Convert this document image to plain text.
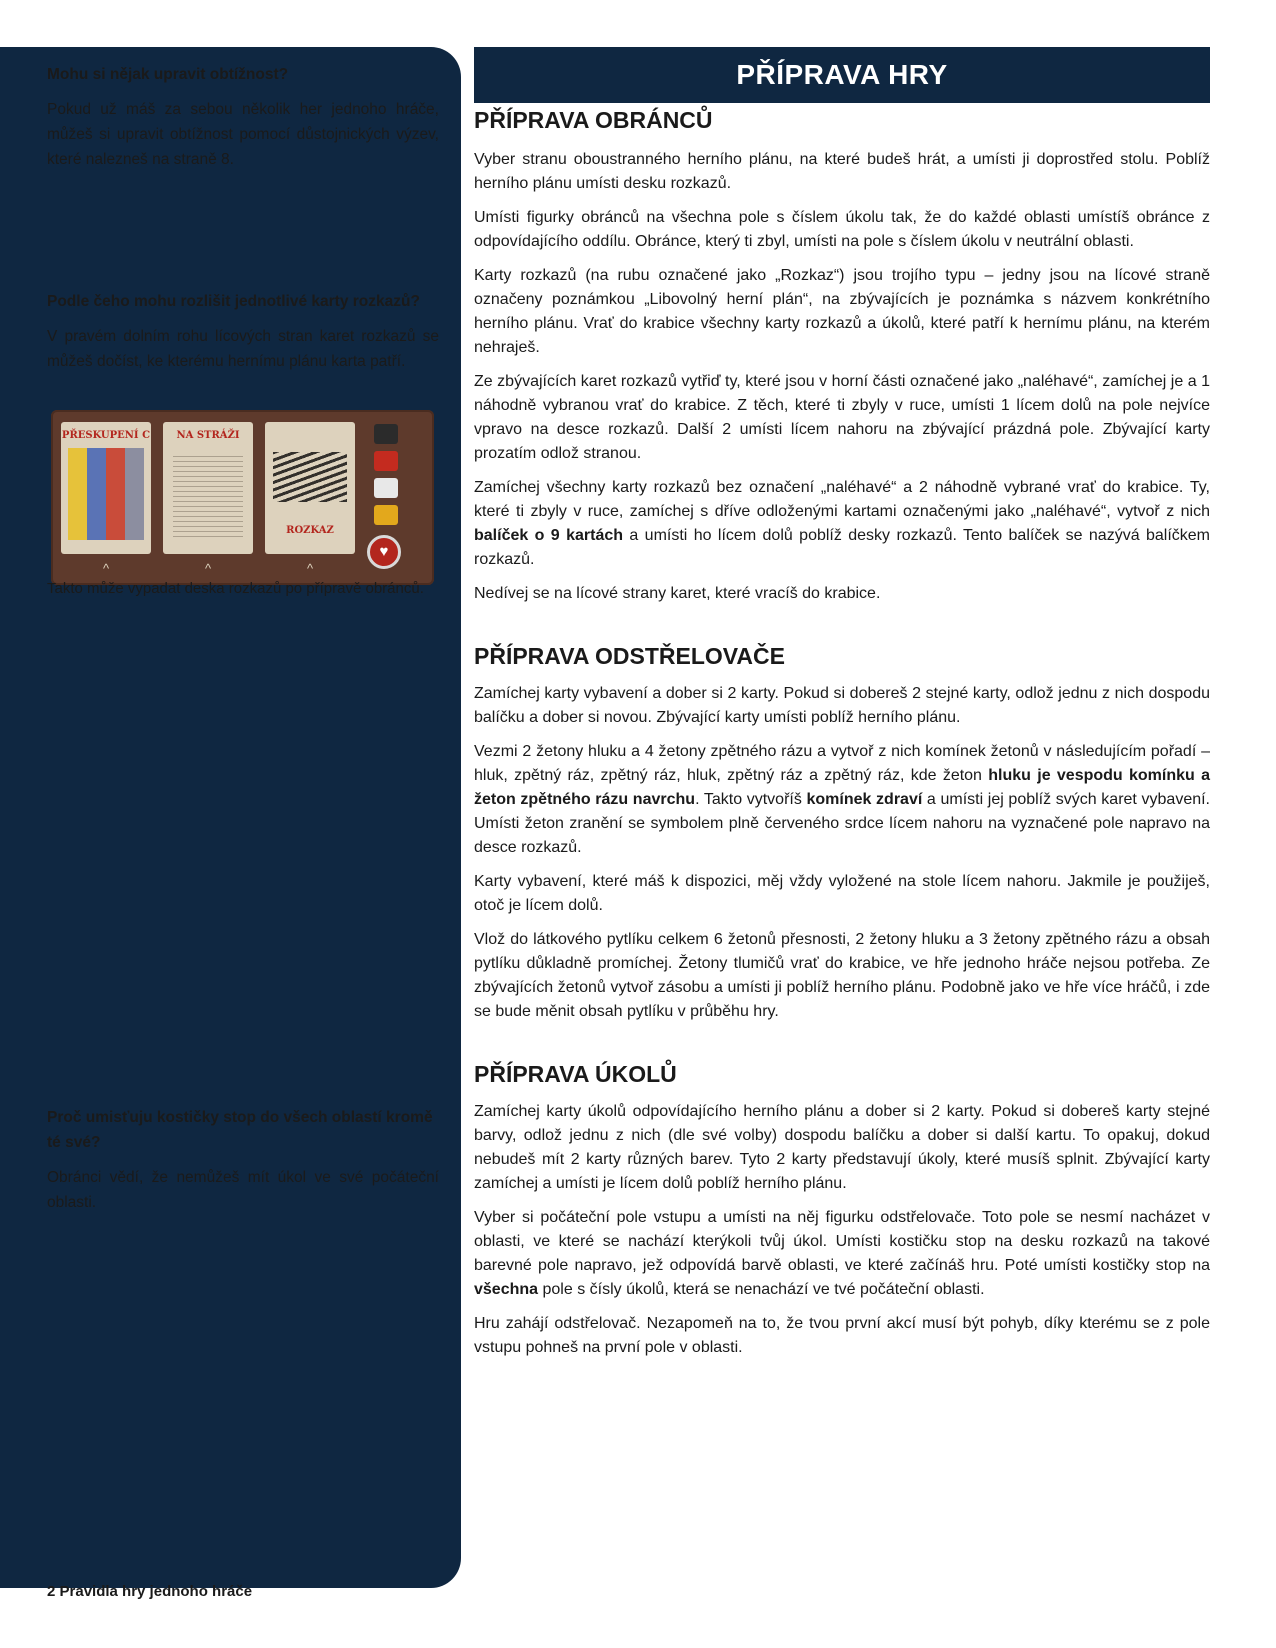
Mohu si nějak upravit obtížnost?

Pokud už máš za sebou několik her jednoho hráče, můžeš si upravit obtížnost pomocí důstojnických výzev, které nalezneš na straně 8.

Podle čeho mohu rozlišit jednotlivé karty rozkazů?

V pravém dolním rohu lícových stran karet rozkazů se můžeš dočíst, ke kterému hernímu plánu karta patří.

PŘESKUPENÍ C	NA STRÁŽI
ROZKAZ
^	^	^
♥
Takto může vypadat deska rozkazů po přípravě obránců.

Proč umisťuju kostičky stop do všech oblastí kromě té své?

Obránci vědí, že nemůžeš mít úkol ve své počáteční oblasti.

PŘÍPRAVA HRY
PŘÍPRAVA OBRÁNCŮ

Vyber stranu oboustranného herního plánu, na které budeš hrát, a umísti ji doprostřed stolu. Poblíž herního plánu umísti desku rozkazů.

Umísti figurky obránců na všechna pole s číslem úkolu tak, že do každé oblasti umístíš obránce z odpovídajícího oddílu. Obránce, který ti zbyl, umísti na pole s číslem úkolu v neutrální oblasti.

Karty rozkazů (na rubu označené jako „Rozkaz“) jsou trojího typu – jedny jsou na lícové straně označeny poznámkou „Libovolný herní plán“, na zbývajících je poznámka s názvem konkrétního herního plánu. Vrať do krabice všechny karty rozkazů a úkolů, které patří k hernímu plánu, na kterém nehraješ.

Ze zbývajících karet rozkazů vytřiď ty, které jsou v horní části označené jako „naléhavé“, zamíchej je a 1 náhodně vybranou vrať do krabice. Z těch, které ti zbyly v ruce, umísti 1 lícem dolů na pole nejvíce vpravo na desce rozkazů. Další 2 umísti lícem nahoru na zbývající prázdná pole. Zbývající karty prozatím odlož stranou.

Zamíchej všechny karty rozkazů bez označení „naléhavé“ a 2 náhodně vybrané vrať do krabice. Ty, které ti zbyly v ruce, zamíchej s dříve odloženými kartami označenými jako „naléhavé“, vytvoř z nich balíček o 9 kartách a umísti ho lícem dolů poblíž desky rozkazů. Tento balíček se nazývá balíčkem rozkazů.

Nedívej se na lícové strany karet, které vracíš do krabice.

PŘÍPRAVA ODSTŘELOVAČE

Zamíchej karty vybavení a dober si 2 karty. Pokud si dobereš 2 stejné karty, odlož jednu z nich dospodu balíčku a dober si novou. Zbývající karty umísti poblíž herního plánu.

Vezmi 2 žetony hluku a 4 žetony zpětného rázu a vytvoř z nich komínek žetonů v následujícím pořadí – hluk, zpětný ráz, zpětný ráz, hluk, zpětný ráz a zpětný ráz, kde žeton hluku je vespodu komínku a žeton zpětného rázu navrchu. Takto vytvoříš komínek zdraví a umísti jej poblíž svých karet vybavení. Umísti žeton zranění se symbolem plně červeného srdce lícem nahoru na vyznačené pole napravo na desce rozkazů.

Karty vybavení, které máš k dispozici, měj vždy vyložené na stole lícem nahoru. Jakmile je použiješ, otoč je lícem dolů.

Vlož do látkového pytlíku celkem 6 žetonů přesnosti, 2 žetony hluku a 3 žetony zpětného rázu a obsah pytlíku důkladně promíchej. Žetony tlumičů vrať do krabice, ve hře jednoho hráče nejsou potřeba. Ze zbývajících žetonů vytvoř zásobu a umísti ji poblíž herního plánu. Podobně jako ve hře více hráčů, i zde se bude měnit obsah pytlíku v průběhu hry.

PŘÍPRAVA ÚKOLŮ

Zamíchej karty úkolů odpovídajícího herního plánu a dober si 2 karty. Pokud si dobereš karty stejné barvy, odlož jednu z nich (dle své volby) dospodu balíčku a dober si další kartu. To opakuj, dokud nebudeš mít 2 karty různých barev. Tyto 2 karty představují úkoly, které musíš splnit. Zbývající karty zamíchej a umísti je lícem dolů poblíž herního plánu.

Vyber si počáteční pole vstupu a umísti na něj figurku odstřelovače. Toto pole se nesmí nacházet v oblasti, ve které se nachází kterýkoli tvůj úkol. Umísti kostičku stop na desku rozkazů na takové barevné pole napravo, jež odpovídá barvě oblasti, ve které začínáš hru. Poté umísti kostičky stop na všechna pole s čísly úkolů, která se nenachází ve tvé počáteční oblasti.

Hru zahájí odstřelovač. Nezapomeň na to, že tvou první akcí musí být pohyb, díky kterému se z pole vstupu pohneš na první pole v oblasti.

2 Pravidla hry jednoho hráče
